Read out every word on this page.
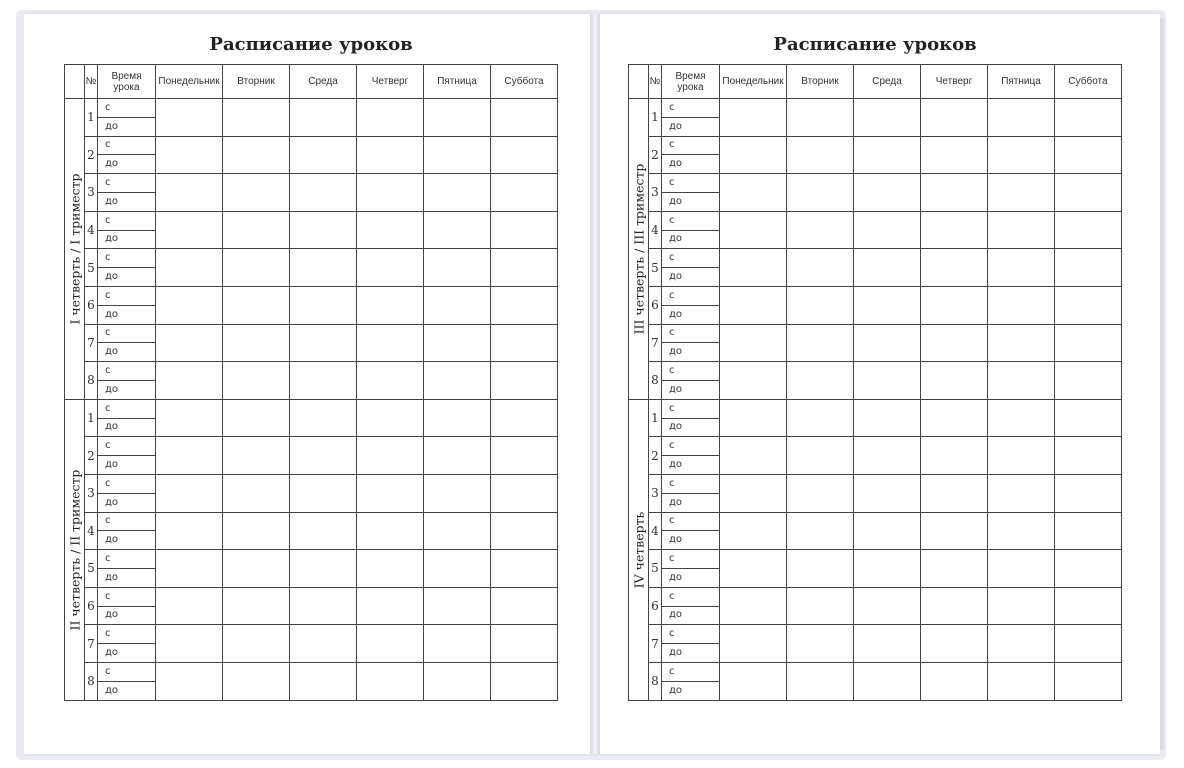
Расписание уроков	Расписание уроков
	№	Время урока	Понедельник	Вторник	Среда	Четверг	Пятница	Суббота

I четверть / I триместр	1	с						
		до						
	2	с						
		до						
	3	с						
		до						
	4	с						
		до						
	5	с						
		до						
	6	с						
		до						
	7	с						
		до						
	8	с						
		до						

II четверть / II триместр	1	с						
		до						
	2	с						
		до						
	3	с						
		до						
	4	с						
		до						
	5	с						
		до						
	6	с						
		до						
	7	с						
		до						
	8	с						
		до						
	№	Время урока	Понедельник	Вторник	Среда	Четверг	Пятница	Суббота

III четверть / III триместр	1	с						
		до						
	2	с						
		до						
	3	с						
		до						
	4	с						
		до						
	5	с						
		до						
	6	с						
		до						
	7	с						
		до						
	8	с						
		до						

IV четверть	1	с						
		до						
	2	с						
		до						
	3	с						
		до						
	4	с						
		до						
	5	с						
		до						
	6	с						
		до						
	7	с						
		до						
	8	с						
		до						
